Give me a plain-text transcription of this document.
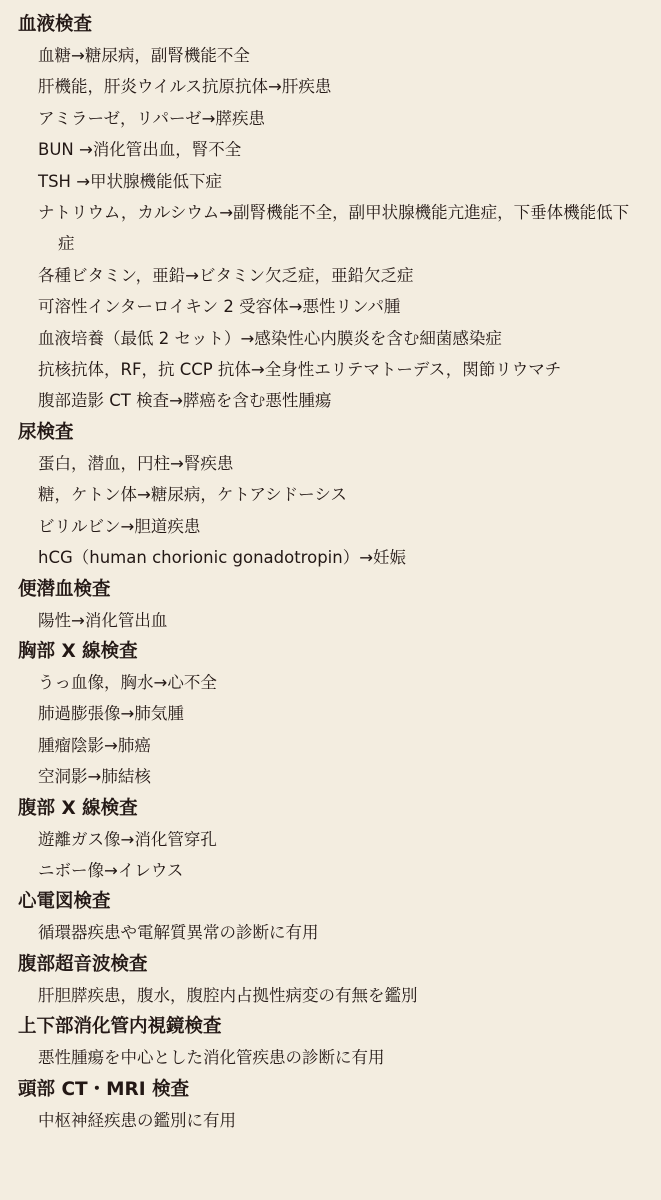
血液検査

血糖→糖尿病，副腎機能不全

肝機能，肝炎ウイルス抗原抗体→肝疾患

アミラーゼ，リパーゼ→膵疾患

BUN →消化管出血，腎不全

TSH →甲状腺機能低下症

ナトリウム，カルシウム→副腎機能不全，副甲状腺機能亢進症，下垂体機能低下症

各種ビタミン，亜鉛→ビタミン欠乏症，亜鉛欠乏症

可溶性インターロイキン 2 受容体→悪性リンパ腫

血液培養（最低 2 セット）→感染性心内膜炎を含む細菌感染症

抗核抗体，RF，抗 CCP 抗体→全身性エリテマトーデス，関節リウマチ

腹部造影 CT 検査→膵癌を含む悪性腫瘍

尿検査

蛋白，潜血，円柱→腎疾患

糖，ケトン体→糖尿病，ケトアシドーシス

ビリルビン→胆道疾患

hCG（human chorionic gonadotropin）→妊娠

便潜血検査

陽性→消化管出血

胸部 X 線検査

うっ血像，胸水→心不全

肺過膨張像→肺気腫

腫瘤陰影→肺癌

空洞影→肺結核

腹部 X 線検査

遊離ガス像→消化管穿孔

ニボー像→イレウス

心電図検査

循環器疾患や電解質異常の診断に有用

腹部超音波検査

肝胆膵疾患，腹水，腹腔内占拠性病変の有無を鑑別

上下部消化管内視鏡検査

悪性腫瘍を中心とした消化管疾患の診断に有用

頭部 CT・MRI 検査

中枢神経疾患の鑑別に有用
